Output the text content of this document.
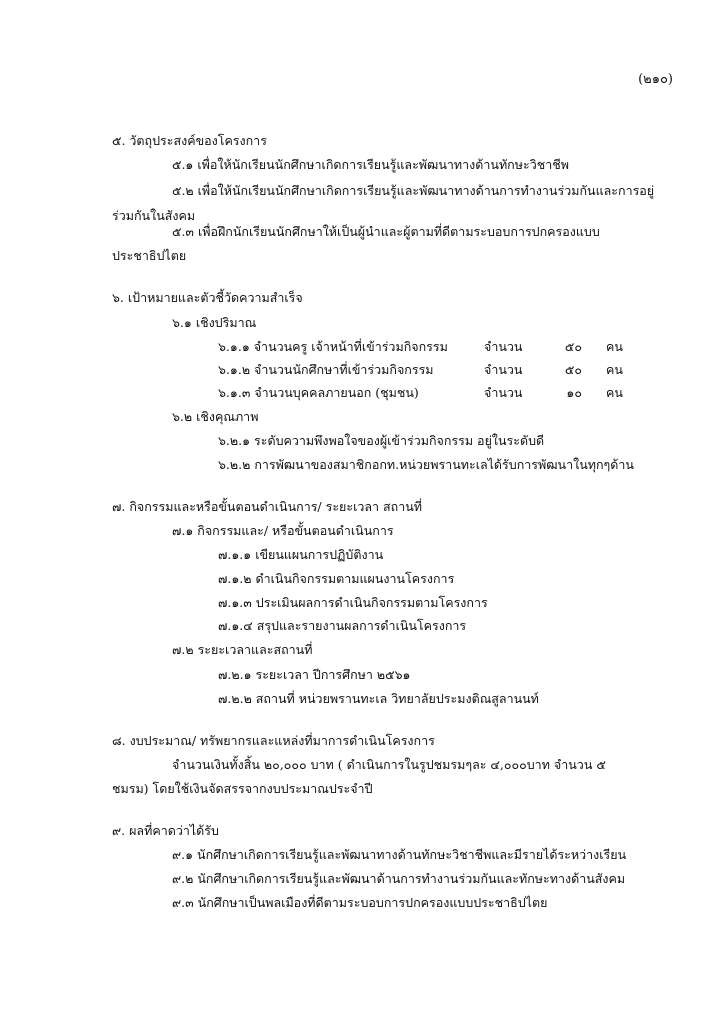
(๒๑๐)
๕. วัตถุประสงค์ของโครงการ
๕.๑ เพื่อให้นักเรียนนักศึกษาเกิดการเรียนรู้และพัฒนาทางด้านทักษะวิชาชีพ
๕.๒ เพื่อให้นักเรียนนักศึกษาเกิดการเรียนรู้และพัฒนาทางด้านการทำงานร่วมกันและการอยู่
ร่วมกันในสังคม
๕.๓ เพื่อฝึกนักเรียนนักศึกษาให้เป็นผู้นำและผู้ตามที่ดีตามระบอบการปกครองแบบ
ประชาธิปไตย
๖. เป้าหมายและตัวชี้วัดความสำเร็จ
๖.๑ เชิงปริมาณ
๖.๑.๑ จำนวนครู เจ้าหน้าที่เข้าร่วมกิจกรรม	จำนวน	๕๐ คน
๖.๑.๒ จำนวนนักศึกษาที่เข้าร่วมกิจกรรม	จำนวน	๕๐ คน
๖.๑.๓ จำนวนบุคคลภายนอก (ชุมชน)	จำนวน	๑๐ คน
๖.๒ เชิงคุณภาพ
๖.๒.๑ ระดับความพึงพอใจของผู้เข้าร่วมกิจกรรม อยู่ในระดับดี
๖.๒.๒ การพัฒนาของสมาชิกอกท.หน่วยพรานทะเลได้รับการพัฒนาในทุกๆด้าน
๗. กิจกรรมและหรือขั้นตอนดำเนินการ/ ระยะเวลา สถานที่
๗.๑ กิจกรรมและ/ หรือขั้นตอนดำเนินการ
๗.๑.๑ เขียนแผนการปฏิบัติงาน
๗.๑.๒ ดำเนินกิจกรรมตามแผนงานโครงการ
๗.๑.๓ ประเมินผลการดำเนินกิจกรรมตามโครงการ
๗.๑.๔ สรุปและรายงานผลการดำเนินโครงการ
๗.๒ ระยะเวลาและสถานที่
๗.๒.๑ ระยะเวลา ปีการศึกษา ๒๕๖๑
๗.๒.๒ สถานที่ หน่วยพรานทะเล วิทยาลัยประมงติณสูลานนท์
๘. งบประมาณ/ ทรัพยากรและแหล่งที่มาการดำเนินโครงการ
จำนวนเงินทั้งสิ้น ๒๐,๐๐๐ บาท ( ดำเนินการในรูปชมรมๆละ ๔,๐๐๐บาท จำนวน ๕
ชมรม) โดยใช้เงินจัดสรรจากงบประมาณประจำปี
๙. ผลที่คาดว่าได้รับ
๙.๑ นักศึกษาเกิดการเรียนรู้และพัฒนาทางด้านทักษะวิชาชีพและมีรายได้ระหว่างเรียน
๙.๒ นักศึกษาเกิดการเรียนรู้และพัฒนาด้านการทำงานร่วมกันและทักษะทางด้านสังคม
๙.๓ นักศึกษาเป็นพลเมืองที่ดีตามระบอบการปกครองแบบประชาธิปไตย
